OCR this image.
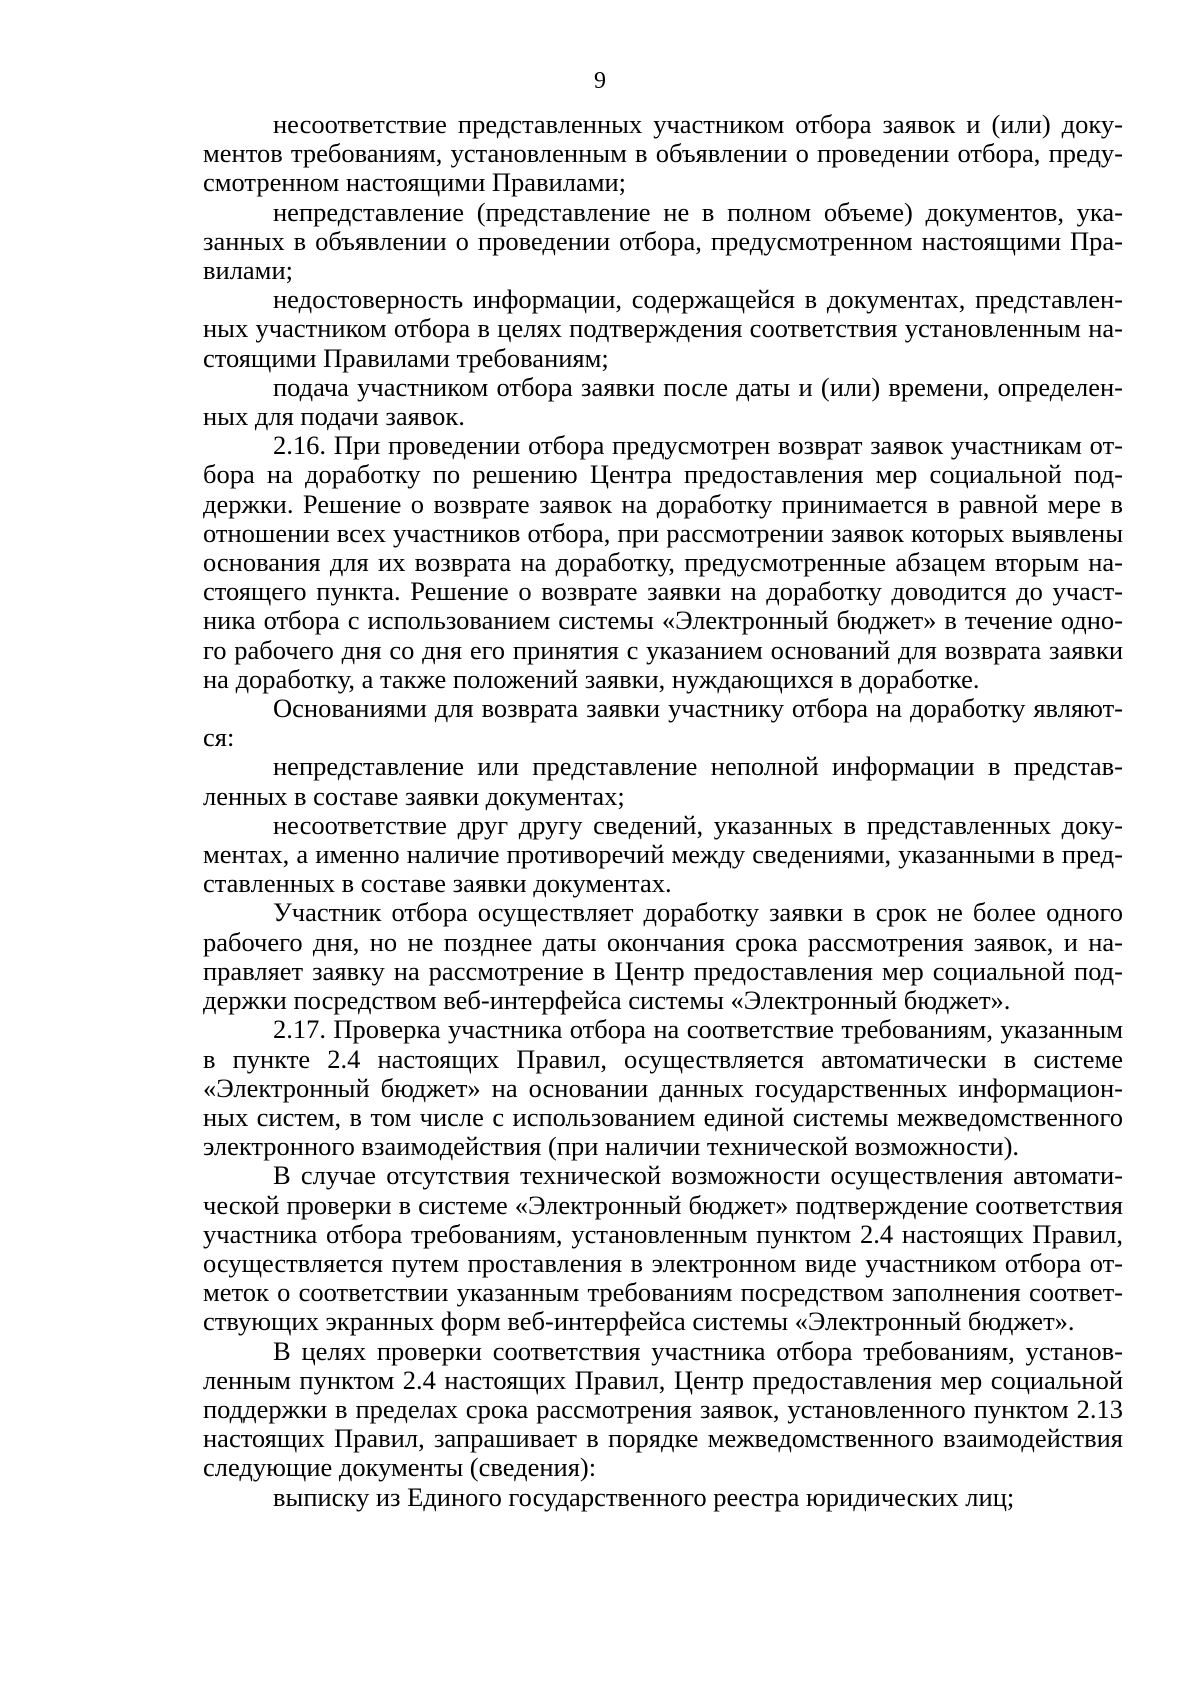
9

несоответствие представленных участником отбора заявок и (или) документов требованиям, установленным в объявлении о проведении отбора, предусмотренном настоящими Правилами;

непредставление (представление не в полном объеме) документов, указанных в объявлении о проведении отбора, предусмотренном настоящими Правилами;

недостоверность информации, содержащейся в документах, представленных участником отбора в целях подтверждения соответствия установленным настоящими Правилами требованиям;

подача участником отбора заявки после даты и (или) времени, определенных для подачи заявок.

2.16. При проведении отбора предусмотрен возврат заявок участникам отбора на доработку по решению Центра предоставления мер социальной поддержки. Решение о возврате заявок на доработку принимается в равной мере в отношении всех участников отбора, при рассмотрении заявок которых выявлены основания для их возврата на доработку, предусмотренные абзацем вторым настоящего пункта. Решение о возврате заявки на доработку доводится до участника отбора с использованием системы «Электронный бюджет» в течение одного рабочего дня со дня его принятия с указанием оснований для возврата заявки на доработку, а также положений заявки, нуждающихся в доработке.

Основаниями для возврата заявки участнику отбора на доработку являются:

непредставление или представление неполной информации в представленных в составе заявки документах;

несоответствие друг другу сведений, указанных в представленных документах, а именно наличие противоречий между сведениями, указанными в представленных в составе заявки документах.

Участник отбора осуществляет доработку заявки в срок не более одного рабочего дня, но не позднее даты окончания срока рассмотрения заявок, и направляет заявку на рассмотрение в Центр предоставления мер социальной поддержки посредством веб-интерфейса системы «Электронный бюджет».

2.17. Проверка участника отбора на соответствие требованиям, указанным в пункте 2.4 настоящих Правил, осуществляется автоматически в системе «Электронный бюджет» на основании данных государственных информационных систем, в том числе с использованием единой системы межведомственного электронного взаимодействия (при наличии технической возможности).

В случае отсутствия технической возможности осуществления автоматической проверки в системе «Электронный бюджет» подтверждение соответствия участника отбора требованиям, установленным пунктом 2.4 настоящих Правил, осуществляется путем проставления в электронном виде участником отбора отметок о соответствии указанным требованиям посредством заполнения соответствующих экранных форм веб-интерфейса системы «Электронный бюджет».

В целях проверки соответствия участника отбора требованиям, установленным пунктом 2.4 настоящих Правил, Центр предоставления мер социальной поддержки в пределах срока рассмотрения заявок, установленного пунктом 2.13 настоящих Правил, запрашивает в порядке межведомственного взаимодействия следующие документы (сведения):

выписку из Единого государственного реестра юридических лиц;
